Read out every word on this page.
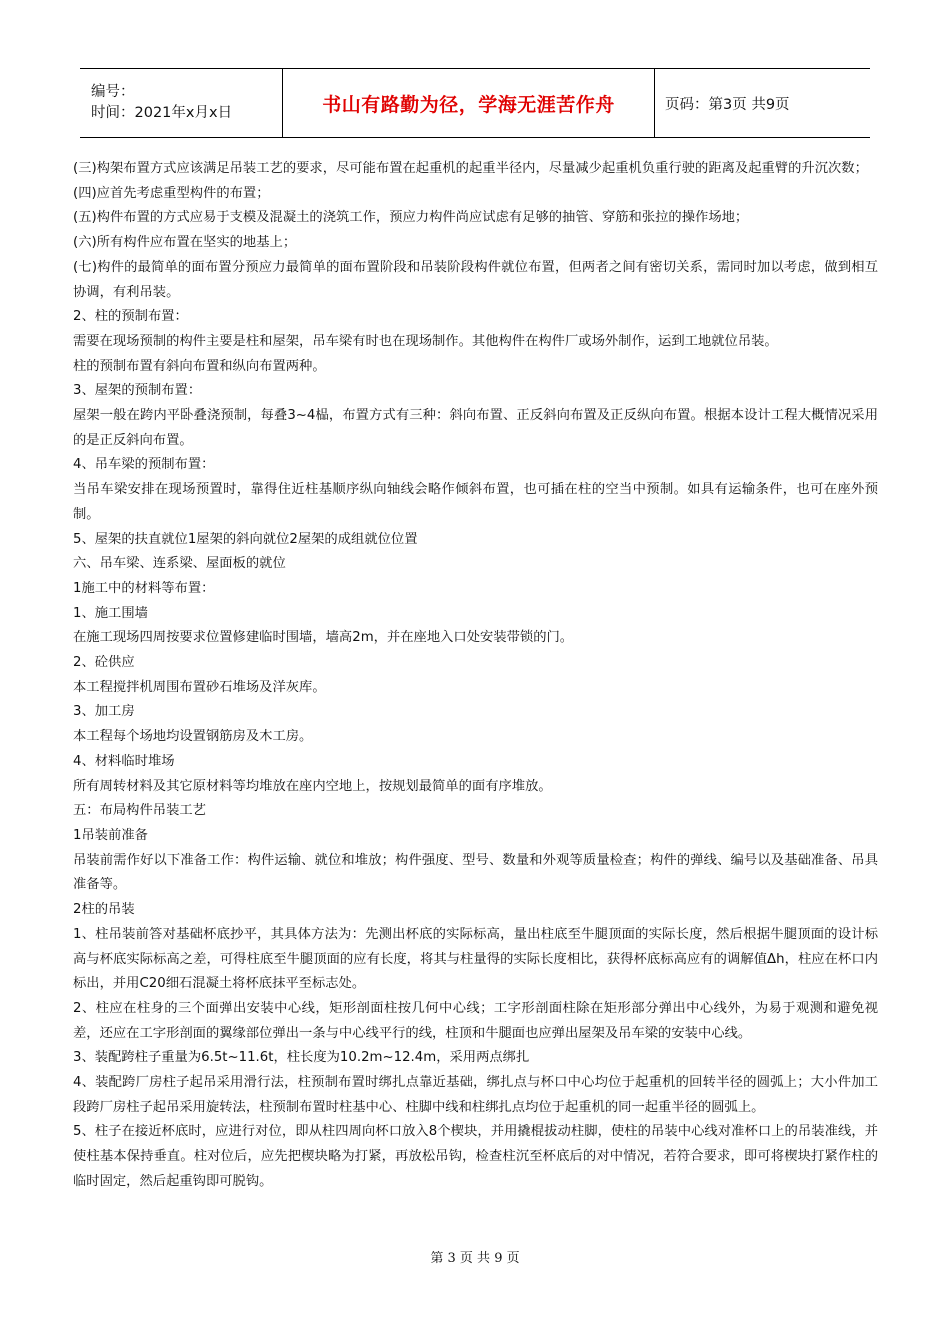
编号：
时间：2021年x月x日	书山有路勤为径，学海无涯苦作舟	页码：第3页 共9页

(三)构架布置方式应该满足吊装工艺的要求，尽可能布置在起重机的起重半径内，尽量减少起重机负重行驶的距离及起重臂的升沉次数；

(四)应首先考虑重型构件的布置；

(五)构件布置的方式应易于支模及混凝土的浇筑工作，预应力构件尚应试虑有足够的抽管、穿筋和张拉的操作场地；

(六)所有构件应布置在坚实的地基上；

(七)构件的最简单的面布置分预应力最简单的面布置阶段和吊装阶段构件就位布置，但两者之间有密切关系，需同时加以考虑，做到相互协调，有利吊装。

2、柱的预制布置：

需要在现场预制的构件主要是柱和屋架，吊车梁有时也在现场制作。其他构件在构件厂或场外制作，运到工地就位吊装。

柱的预制布置有斜向布置和纵向布置两种。

3、屋架的预制布置：

屋架一般在跨内平卧叠浇预制，每叠3~4榀，布置方式有三种：斜向布置、正反斜向布置及正反纵向布置。根据本设计工程大概情况采用的是正反斜向布置。

4、吊车梁的预制布置：

当吊车梁安排在现场预置时，靠得住近柱基顺序纵向轴线会略作倾斜布置，也可插在柱的空当中预制。如具有运输条件，也可在座外预制。

5、屋架的扶直就位1屋架的斜向就位2屋架的成组就位位置

六、吊车梁、连系梁、屋面板的就位

1施工中的材料等布置：

1、施工围墙

在施工现场四周按要求位置修建临时围墙，墙高2m，并在座地入口处安装带锁的门。

2、砼供应

本工程搅拌机周围布置砂石堆场及洋灰库。

3、加工房

本工程每个场地均设置钢筋房及木工房。

4、材料临时堆场

所有周转材料及其它原材料等均堆放在座内空地上，按规划最简单的面有序堆放。

五：布局构件吊装工艺

1吊装前准备

吊装前需作好以下准备工作：构件运输、就位和堆放；构件强度、型号、数量和外观等质量检查；构件的弹线、编号以及基础准备、吊具准备等。

2柱的吊装

1、柱吊装前答对基础杯底抄平，其具体方法为：先测出杯底的实际标高，量出柱底至牛腿顶面的实际长度，然后根据牛腿顶面的设计标高与杯底实际标高之差，可得柱底至牛腿顶面的应有长度，将其与柱量得的实际长度相比，获得杯底标高应有的调解值Δh，柱应在杯口内标出，并用C20细石混凝土将杯底抹平至标志处。

2、柱应在柱身的三个面弹出安装中心线，矩形剖面柱按几何中心线；工字形剖面柱除在矩形部分弹出中心线外，为易于观测和避免视差，还应在工字形剖面的翼缘部位弹出一条与中心线平行的线，柱顶和牛腿面也应弹出屋架及吊车梁的安装中心线。

3、装配跨柱子重量为6.5t~11.6t，柱长度为10.2m~12.4m，采用两点绑扎

4、装配跨厂房柱子起吊采用滑行法，柱预制布置时绑扎点靠近基础，绑扎点与杯口中心均位于起重机的回转半径的圆弧上；大小件加工段跨厂房柱子起吊采用旋转法，柱预制布置时柱基中心、柱脚中线和柱绑扎点均位于起重机的同一起重半径的圆弧上。

5、柱子在接近杯底时，应进行对位，即从柱四周向杯口放入8个楔块，并用撬棍拔动柱脚，使柱的吊装中心线对准杯口上的吊装准线，并使柱基本保持垂直。柱对位后，应先把楔块略为打紧，再放松吊钩，检查柱沉至杯底后的对中情况，若符合要求，即可将楔块打紧作柱的临时固定，然后起重钩即可脱钩。

第 3 页 共 9 页
